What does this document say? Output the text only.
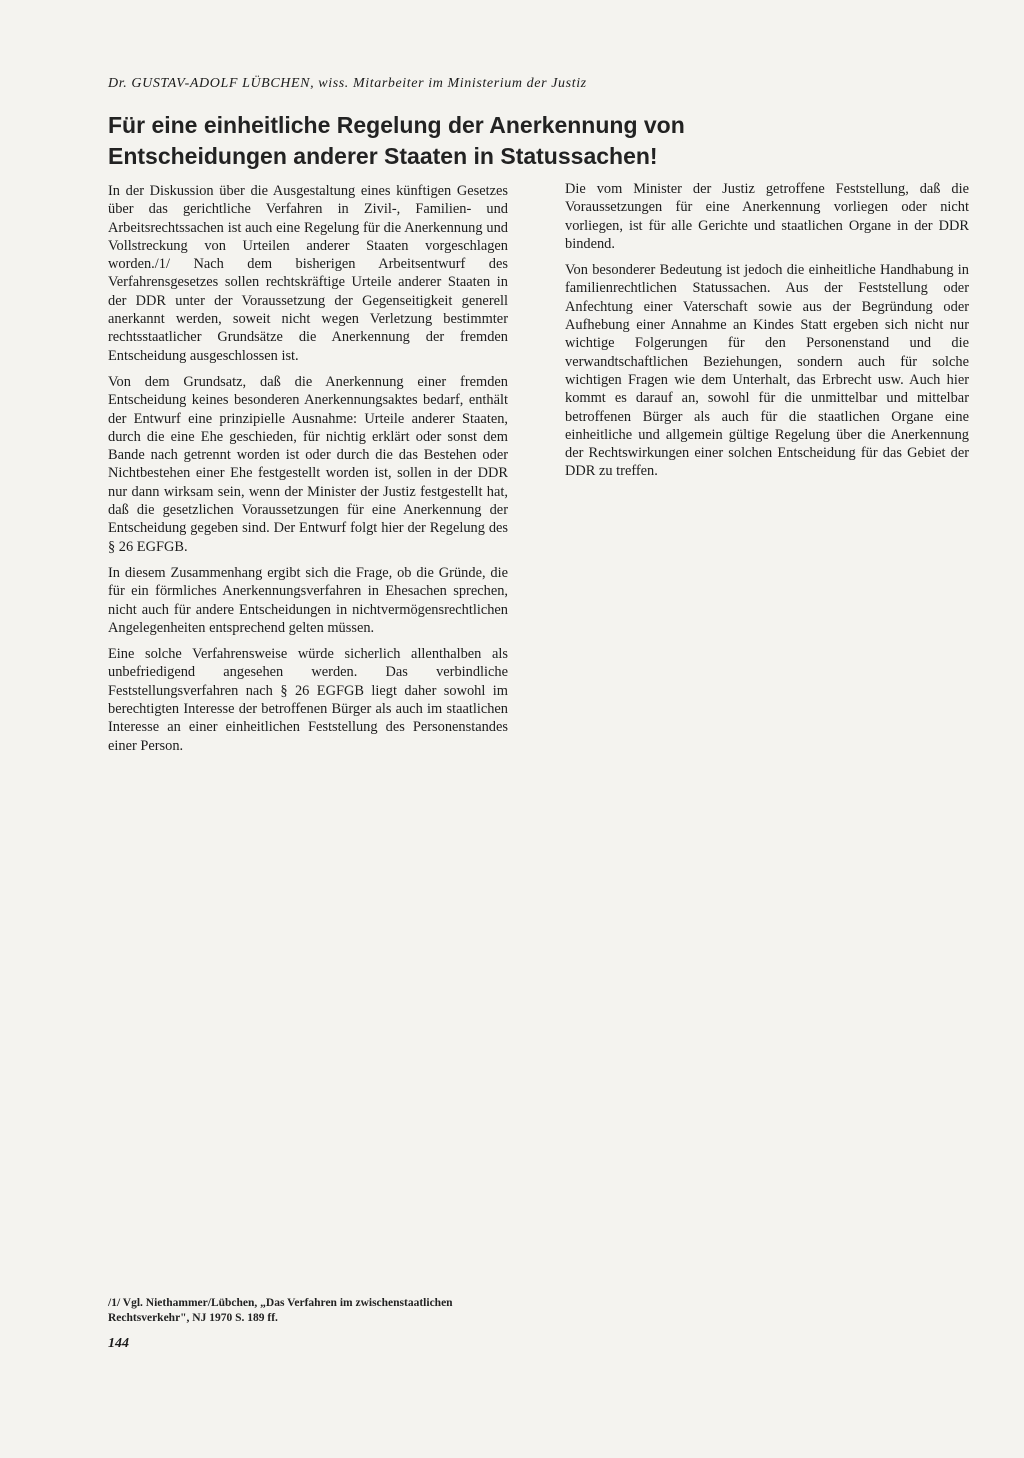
Dr. GUSTAV-ADOLF LÜBCHEN, wiss. Mitarbeiter im Ministerium der Justiz
Für eine einheitliche Regelung der Anerkennung von Entscheidungen anderer Staaten in Statussachen!

In der Diskussion über die Ausgestaltung eines künftigen Gesetzes über das gerichtliche Verfahren in Zivil-, Familien- und Arbeitsrechtssachen ist auch eine Regelung für die Anerkennung und Vollstreckung von Urteilen anderer Staaten vorgeschlagen worden./1/ Nach dem bisherigen Arbeitsentwurf des Verfahrensgesetzes sollen rechtskräftige Urteile anderer Staaten in der DDR unter der Voraussetzung der Gegenseitigkeit generell anerkannt werden, soweit nicht wegen Verletzung bestimmter rechtsstaatlicher Grundsätze die Anerkennung der fremden Entscheidung ausgeschlossen ist.

Von dem Grundsatz, daß die Anerkennung einer fremden Entscheidung keines besonderen Anerkennungsaktes bedarf, enthält der Entwurf eine prinzipielle Ausnahme: Urteile anderer Staaten, durch die eine Ehe geschieden, für nichtig erklärt oder sonst dem Bande nach getrennt worden ist oder durch die das Bestehen oder Nichtbestehen einer Ehe festgestellt worden ist, sollen in der DDR nur dann wirksam sein, wenn der Minister der Justiz festgestellt hat, daß die gesetzlichen Voraussetzungen für eine Anerkennung der Entscheidung gegeben sind. Der Entwurf folgt hier der Regelung des § 26 EGFGB.

In diesem Zusammenhang ergibt sich die Frage, ob die Gründe, die für ein förmliches Anerkennungsverfahren in Ehesachen sprechen, nicht auch für andere Entscheidungen in nichtvermögensrechtlichen Angelegenheiten entsprechend gelten müssen.

Eine solche Verfahrensweise würde sicherlich allenthalben als unbefriedigend angesehen werden. Das verbindliche Feststellungsverfahren nach § 26 EGFGB liegt daher sowohl im berechtigten Interesse der betroffenen Bürger als auch im staatlichen Interesse an einer einheitlichen Feststellung des Personenstandes einer Person.

Die vom Minister der Justiz getroffene Feststellung, daß die Voraussetzungen für eine Anerkennung vorliegen oder nicht vorliegen, ist für alle Gerichte und staatlichen Organe in der DDR bindend.

Von besonderer Bedeutung ist jedoch die einheitliche Handhabung in familienrechtlichen Statussachen. Aus der Feststellung oder Anfechtung einer Vaterschaft sowie aus der Begründung oder Aufhebung einer Annahme an Kindes Statt ergeben sich nicht nur wichtige Folgerungen für den Personenstand und die verwandtschaftlichen Beziehungen, sondern auch für solche wichtigen Fragen wie dem Unterhalt, das Erbrecht usw. Auch hier kommt es darauf an, sowohl für die unmittelbar und mittelbar betroffenen Bürger als auch für die staatlichen Organe eine einheitliche und allgemein gültige Regelung über die Anerkennung der Rechtswirkungen einer solchen Entscheidung für das Gebiet der DDR zu treffen.

/1/ Vgl. Niethammer/Lübchen, „Das Verfahren im zwischenstaatlichen Rechtsverkehr", NJ 1970 S. 189 ff.
144
